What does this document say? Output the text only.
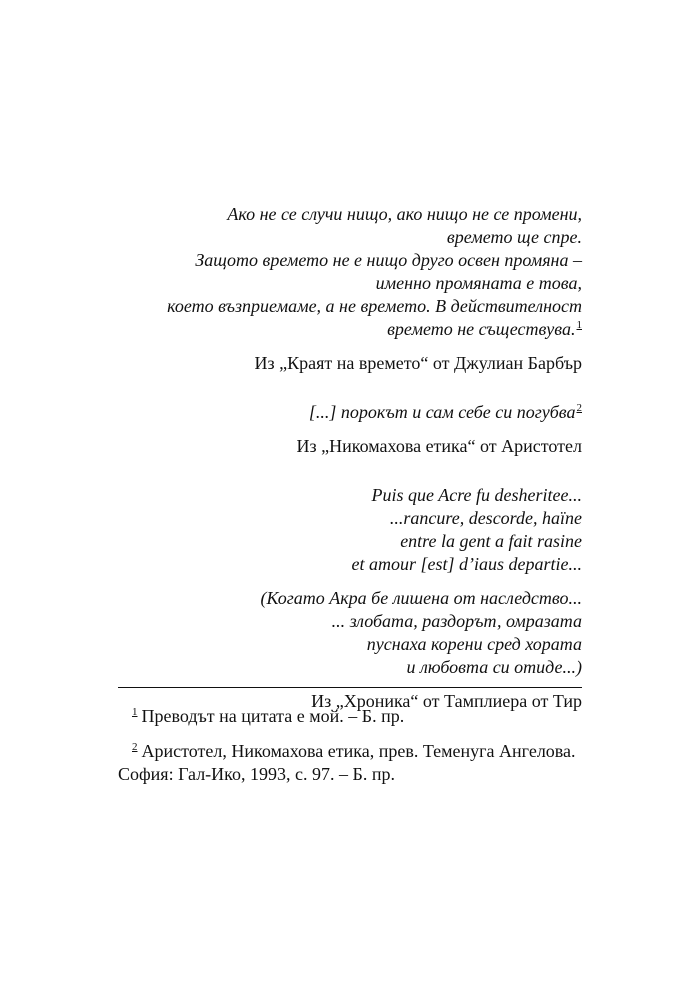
Ако не се случи нищо, ако нищо не се промени,
времето ще спре.
Защото времето не е нищо друго освен промяна –
именно промяната е това,
което възприемаме, а не времето. В действителност
времето не съществува.$^1$

Из „Краят на времето“ от Джулиан Барбър

[...] порокът и сам себе си погубва$^2$

Из „Никомахова етика“ от Аристотел

Puis que Acre fu desheritee...
...rancure, descorde, haïne
entre la gent a fait rasine
et amour [est] d’iaus departie...

(Когато Акра бе лишена от наследство...
... злобата, раздорът, омразата
пуснаха корени сред хората
и любовта си отиде...)

Из „Хроника“ от Тамплиера от Тир

$^1$ Преводът на цитата е мой. – Б. пр.

$^2$ Аристотел, Никомахова етика, прев. Теменуга Ангелова.
София: Гал-Ико, 1993, с. 97. – Б. пр.
